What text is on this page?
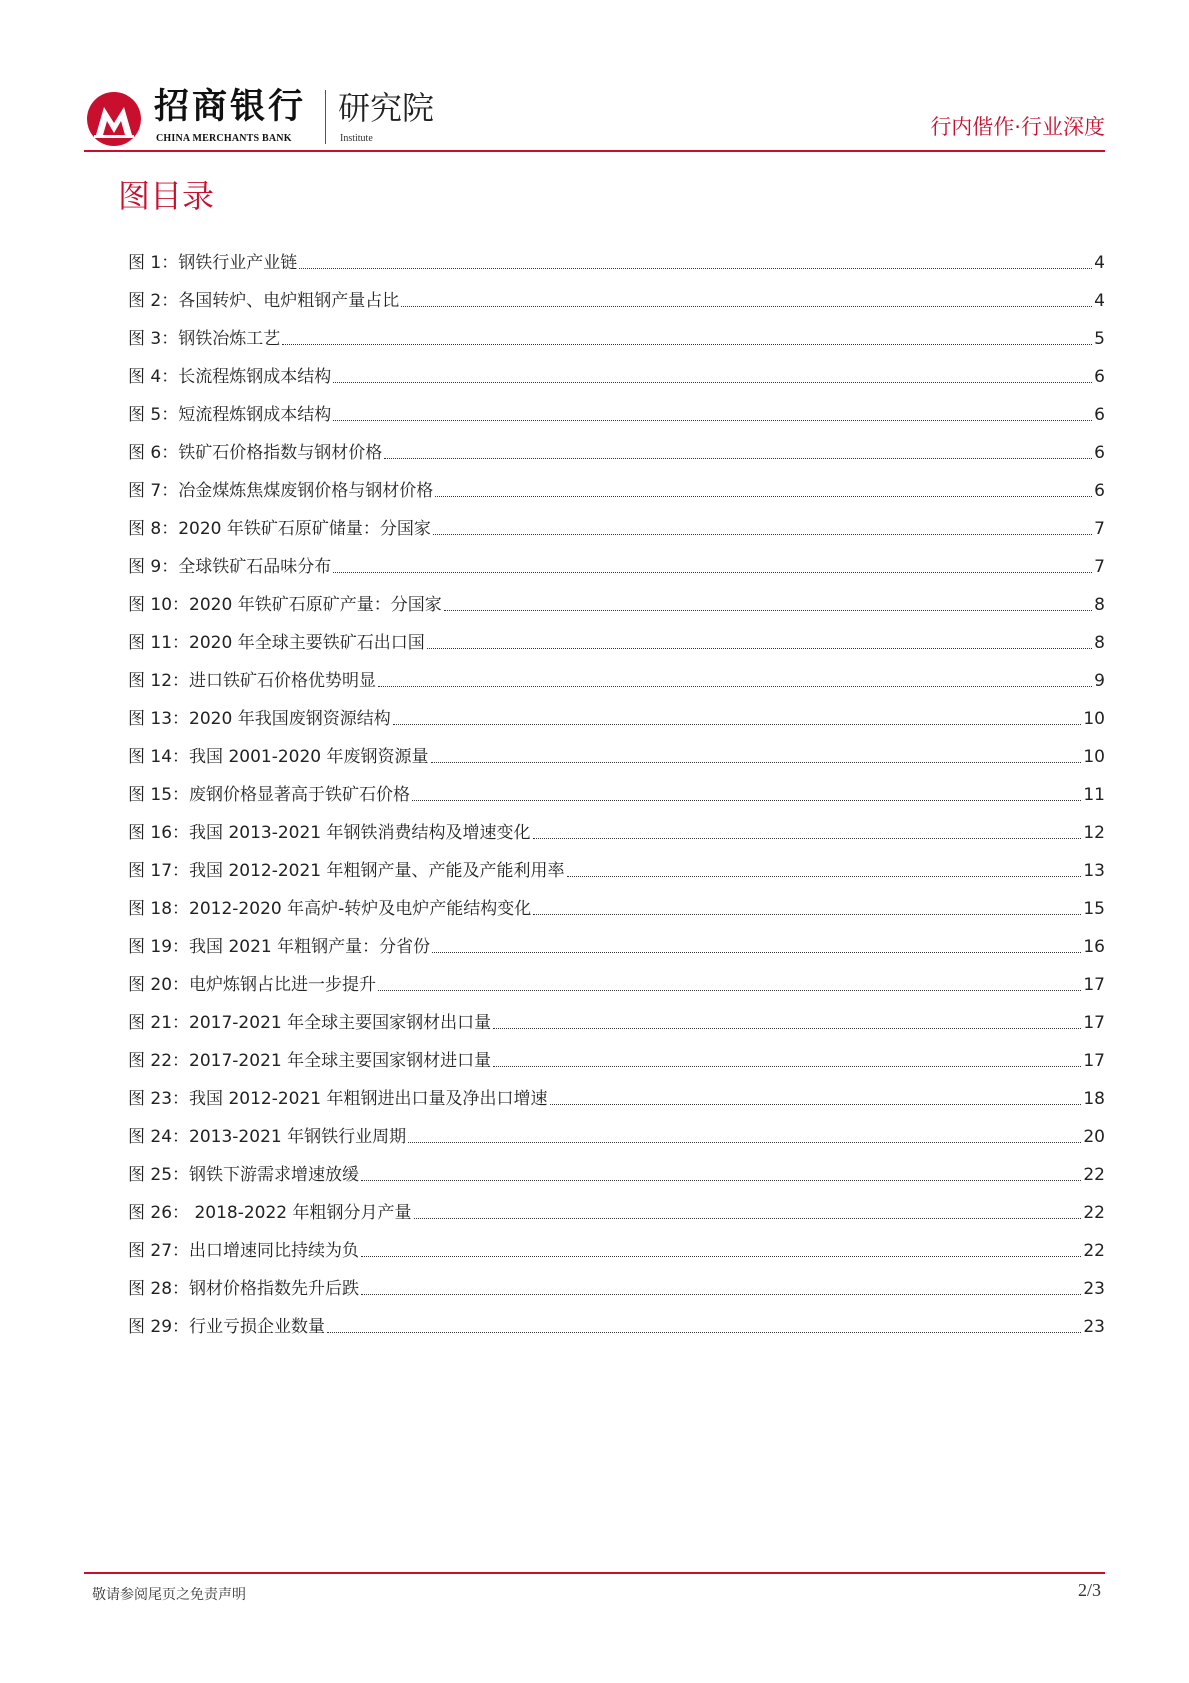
招商银行
CHINA MERCHANTS BANK
研究院
Institute	行内偕作·行业深度
图目录
图 1：钢铁行业产业链	4
图 2：各国转炉、电炉粗钢产量占比	4
图 3：钢铁冶炼工艺	5
图 4：长流程炼钢成本结构	6
图 5：短流程炼钢成本结构	6
图 6：铁矿石价格指数与钢材价格	6
图 7：冶金煤炼焦煤废钢价格与钢材价格	6
图 8：2020 年铁矿石原矿储量：分国家	7
图 9：全球铁矿石品味分布	7
图 10：2020 年铁矿石原矿产量：分国家	8
图 11：2020 年全球主要铁矿石出口国	8
图 12：进口铁矿石价格优势明显	9
图 13：2020 年我国废钢资源结构	10
图 14：我国 2001-2020 年废钢资源量	10
图 15：废钢价格显著高于铁矿石价格	11
图 16：我国 2013-2021 年钢铁消费结构及增速变化	12
图 17：我国 2012-2021 年粗钢产量、产能及产能利用率	13
图 18：2012-2020 年高炉-转炉及电炉产能结构变化	15
图 19：我国 2021 年粗钢产量：分省份	16
图 20：电炉炼钢占比进一步提升	17
图 21：2017-2021 年全球主要国家钢材出口量	17
图 22：2017-2021 年全球主要国家钢材进口量	17
图 23：我国 2012-2021 年粗钢进出口量及净出口增速	18
图 24：2013-2021 年钢铁行业周期	20
图 25：钢铁下游需求增速放缓	22
图 26： 2018-2022 年粗钢分月产量	22
图 27：出口增速同比持续为负	22
图 28：钢材价格指数先升后跌	23
图 29：行业亏损企业数量	23
敬请参阅尾页之免责声明	2/3
